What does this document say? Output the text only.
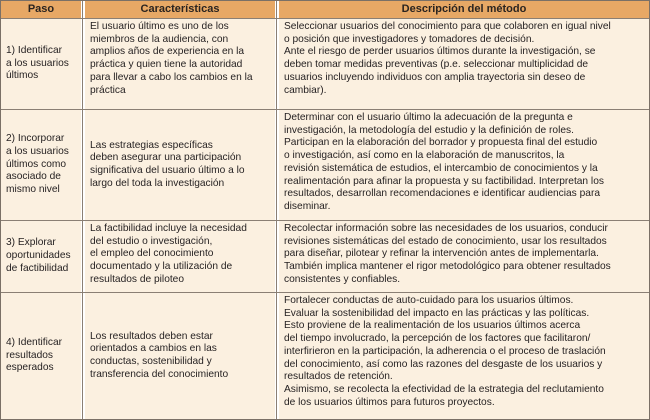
Paso	Características	Descripción del método
1) Identificar
a los usuarios
últimos
El usuario último es uno de los
miembros de la audiencia, con
amplios años de experiencia en la
práctica y quien tiene la autoridad
para llevar a cabo los cambios en la
práctica
Seleccionar usuarios del conocimiento para que colaboren en igual nivel
o posición que investigadores y tomadores de decisión.
Ante el riesgo de perder usuarios últimos durante la investigación, se
deben tomar medidas preventivas (p.e. seleccionar multiplicidad de
usuarios incluyendo individuos con amplia trayectoria sin deseo de
cambiar).
2) Incorporar
a los usuarios
últimos como
asociado de
mismo nivel
Las estrategias específicas
deben asegurar una participación
significativa del usuario último a lo
largo del toda la investigación
Determinar con el usuario último la adecuación de la pregunta e
investigación, la metodología del estudio y la definición de roles.
Participan en la elaboración del borrador y propuesta final del estudio
o investigación, así como en la elaboración de manuscritos, la
revisión sistemática de estudios, el intercambio de conocimientos y la
realimentación para afinar la propuesta y su factibilidad. Interpretan los
resultados, desarrollan recomendaciones e identificar audiencias para
diseminar.
3) Explorar
oportunidades
de factibilidad
La factibilidad incluye la necesidad
del estudio o investigación,
el empleo del conocimiento
documentado y la utilización de
resultados de piloteo
Recolectar información sobre las necesidades de los usuarios, conducir
revisiones sistemáticas del estado de conocimiento, usar los resultados
para diseñar, pilotear y refinar la intervención antes de implementarla.
También implica mantener el rigor metodológico para obtener resultados
consistentes y confiables.
4) Identificar
resultados
esperados
Los resultados deben estar
orientados a cambios en las
conductas, sostenibilidad y
transferencia del conocimiento
Fortalecer conductas de auto-cuidado para los usuarios últimos.
Evaluar la sostenibilidad del impacto en las prácticas y las políticas.
Esto proviene de la realimentación de los usuarios últimos acerca
del tiempo involucrado, la percepción de los factores que facilitaron/
interfirieron en la participación, la adherencia o el proceso de traslación
del conocimiento, así como las razones del desgaste de los usuarios y
resultados de retención.
Asimismo, se recolecta la efectividad de la estrategia del reclutamiento
de los usuarios últimos para futuros proyectos.
